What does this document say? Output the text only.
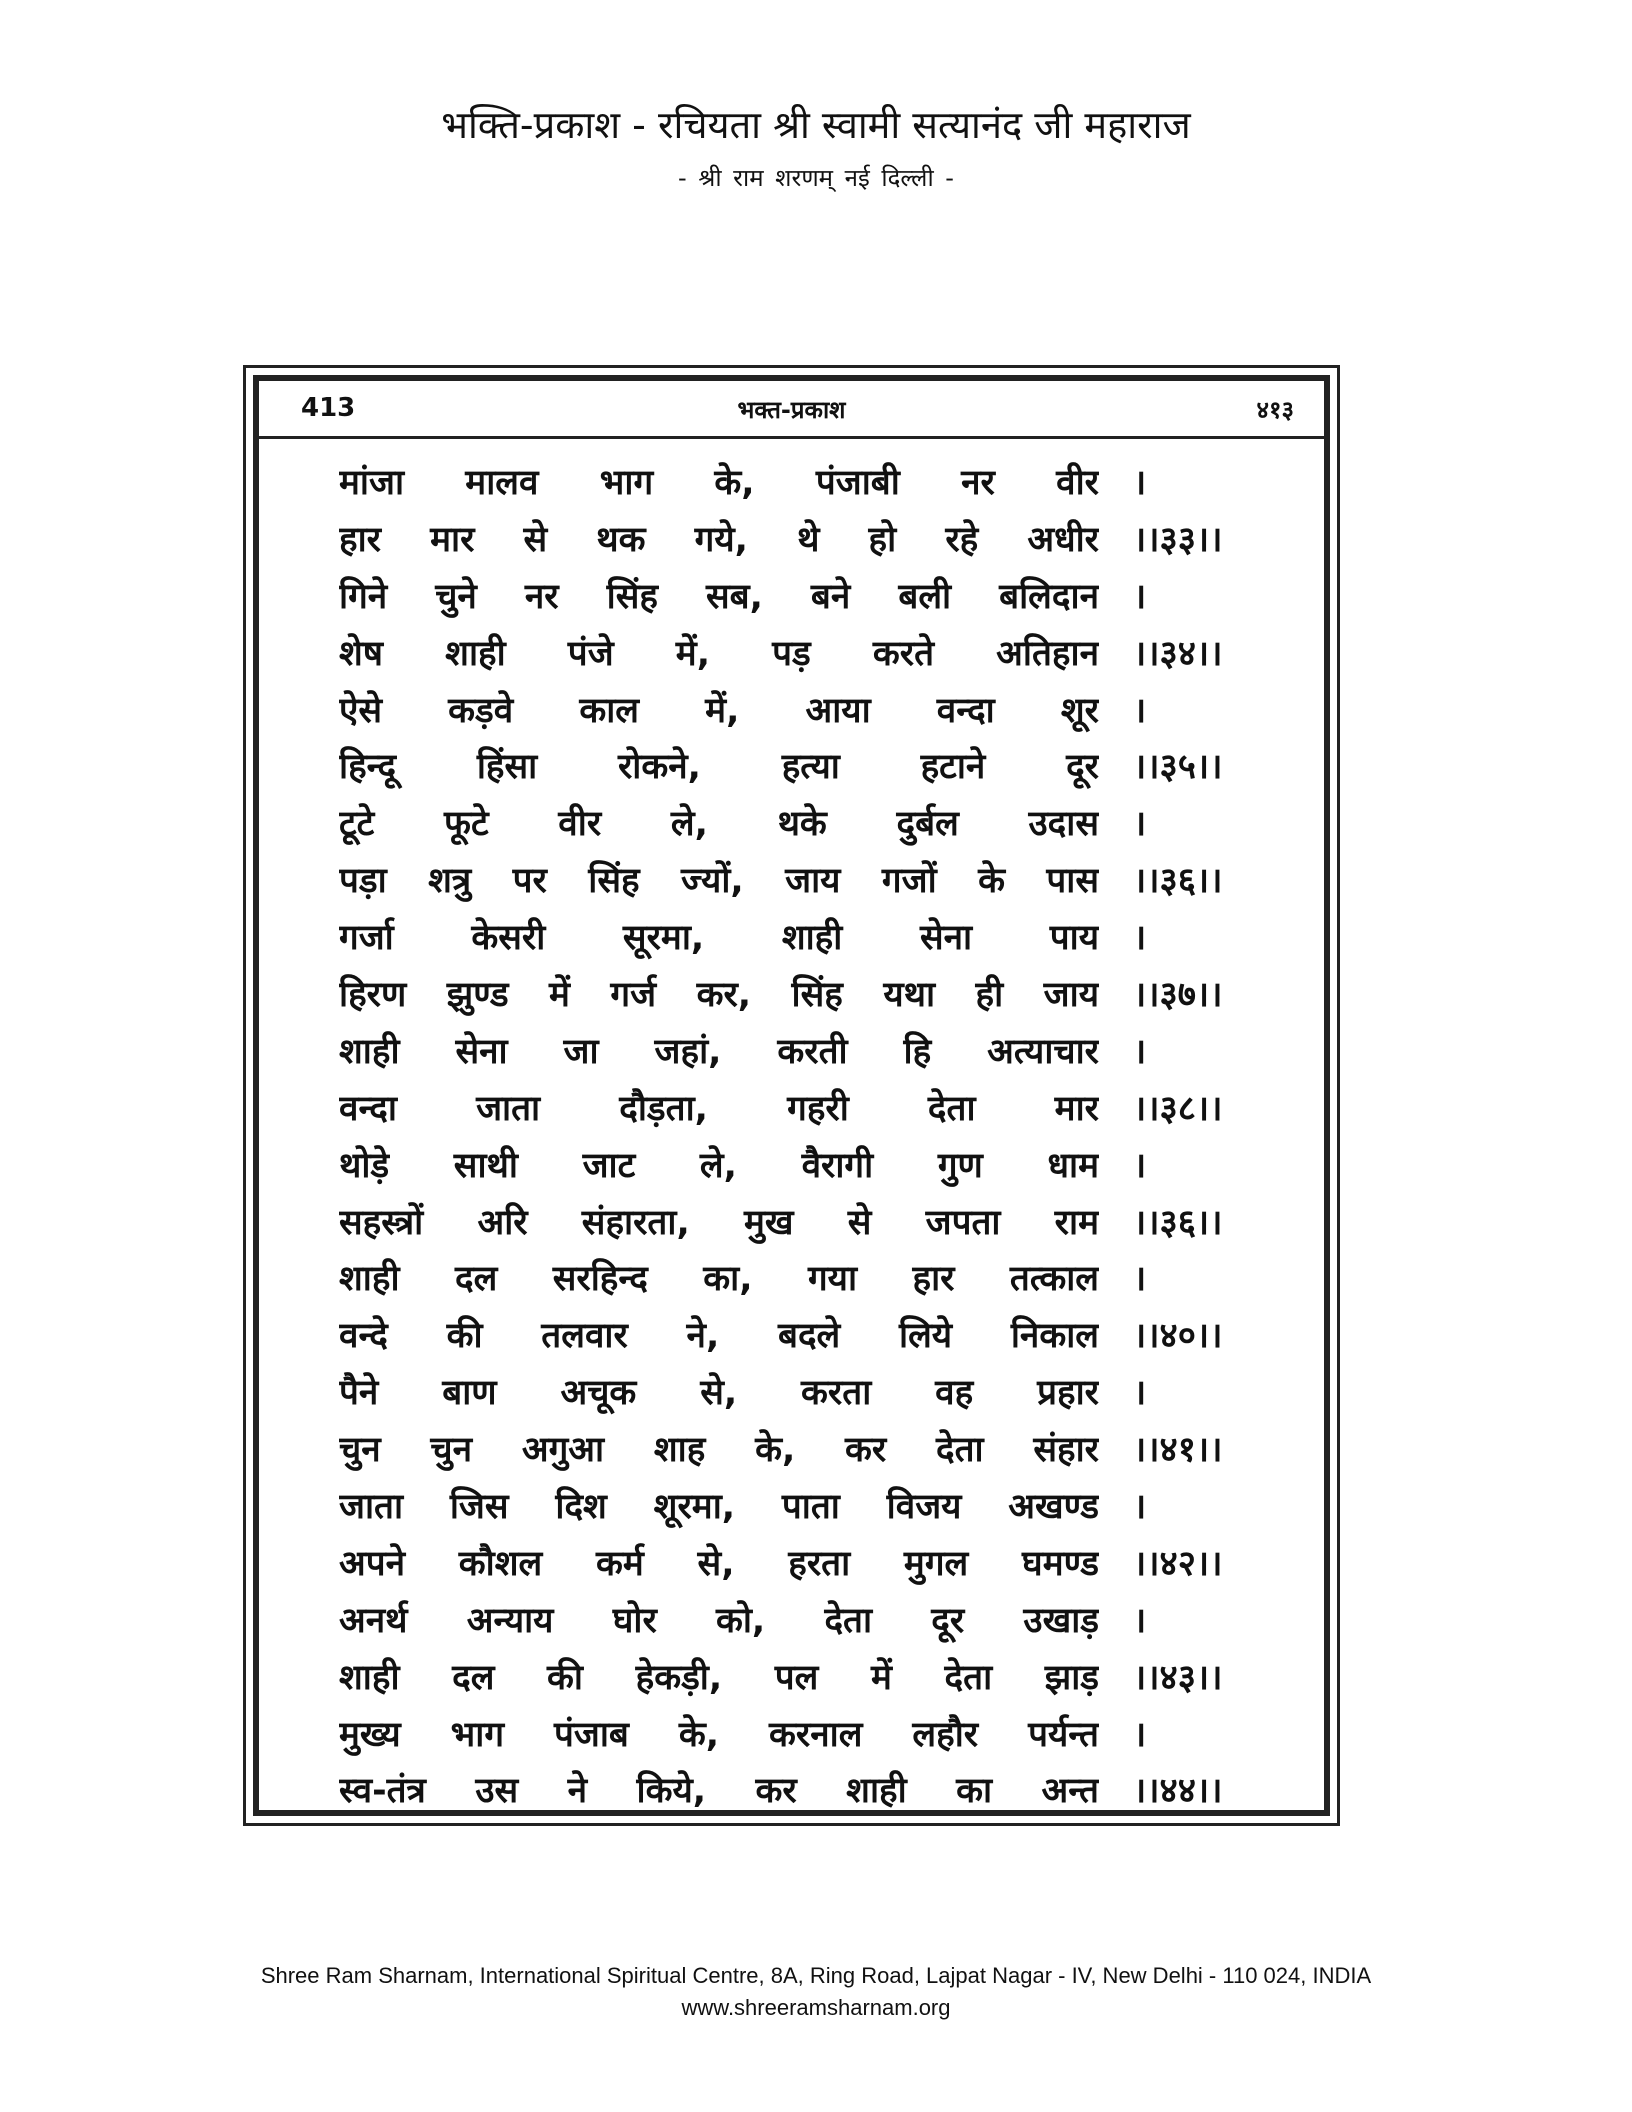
भक्ति-प्रकाश - रचियता श्री स्वामी सत्यानंद जी महाराज
- श्री राम शरणम् नई दिल्ली -
413	भक्त-प्रकाश	४१३
मांजा मालव भाग के, पंजाबी नर वीर ।
हार मार से थक गये, थे हो रहे अधीर ।।३३।।
गिने चुने नर सिंह सब, बने बली बलिदान ।
शेष शाही पंजे में, पड़ करते अतिहान ।।३४।।
ऐसे कड़वे काल में, आया वन्दा शूर ।
हिन्दू हिंसा रोकने, हत्या हटाने दूर ।।३५।।
टूटे फूटे वीर ले, थके दुर्बल उदास ।
पड़ा शत्रु पर सिंह ज्यों, जाय गजों के पास ।।३६।।
गर्जा केसरी सूरमा, शाही सेना पाय ।
हिरण झुण्ड में गर्ज कर, सिंह यथा ही जाय ।।३७।।
शाही सेना जा जहां, करती हि अत्याचार ।
वन्दा जाता दौड़ता, गहरी देता मार ।।३८।।
थोड़े साथी जाट ले, वैरागी गुण धाम ।
सहस्त्रों अरि संहारता, मुख से जपता राम ।।३६।।
शाही दल सरहिन्द का, गया हार तत्काल ।
वन्दे की तलवार ने, बदले लिये निकाल ।।४०।।
पैने बाण अचूक से, करता वह प्रहार ।
चुन चुन अगुआ शाह के, कर देता संहार ।।४१।।
जाता जिस दिश शूरमा, पाता विजय अखण्ड ।
अपने कौशल कर्म से, हरता मुगल घमण्ड ।।४२।।
अनर्थ अन्याय घोर को, देता दूर उखाड़ ।
शाही दल की हेकड़ी, पल में देता झाड़ ।।४३।।
मुख्य भाग पंजाब के, करनाल लहौर पर्यन्त ।
स्व-तंत्र उस ने किये, कर शाही का अन्त ।।४४।।
Shree Ram Sharnam, International Spiritual Centre, 8A, Ring Road, Lajpat Nagar - IV, New Delhi - 110 024, INDIA
www.shreeramsharnam.org
